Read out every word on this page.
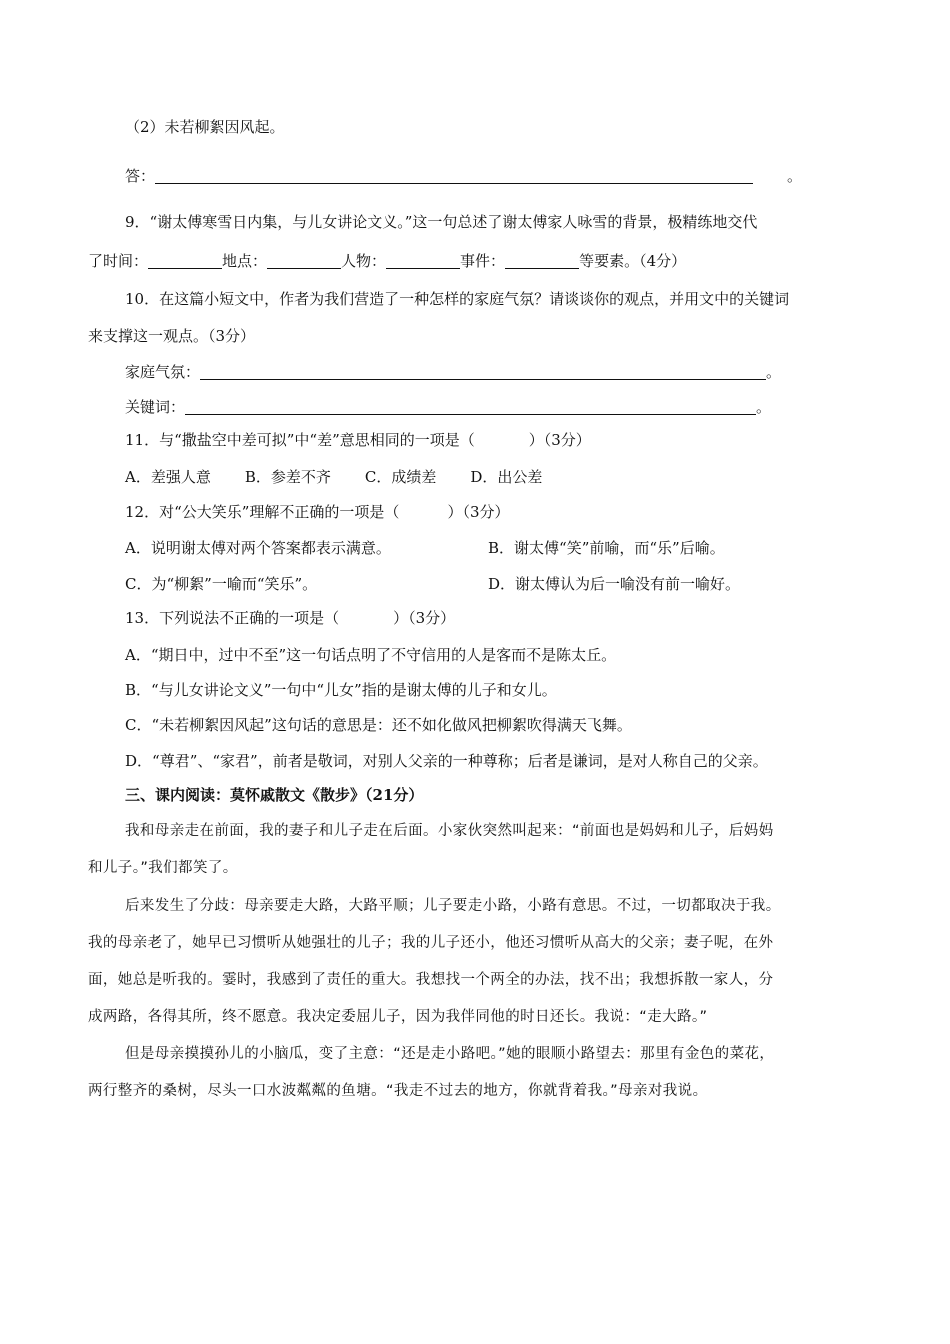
（2）未若柳絮因风起。
答：	。
9．“谢太傅寒雪日内集，与儿女讲论文义。”这一句总述了谢太傅家人咏雪的背景，极精练地交代
了时间：	地点：	人物：	事件：	等要素。（4分）
10．在这篇小短文中，作者为我们营造了一种怎样的家庭气氛？请谈谈你的观点，并用文中的关键词
来支撑这一观点。（3分）
家庭气氛：	。
关键词：	。
11．与“撒盐空中差可拟”中“差”意思相同的一项是（	）（3分）
A．差强人意 B．参差不齐 C．成绩差 D．出公差
12．对“公大笑乐”理解不正确的一项是（	）（3分）
A．说明谢太傅对两个答案都表示满意。	B．谢太傅“笑”前喻，而“乐”后喻。
C．为“柳絮”一喻而“笑乐”。	D．谢太傅认为后一喻没有前一喻好。
13．下列说法不正确的一项是（	）（3分）
A．“期日中，过中不至”这一句话点明了不守信用的人是客而不是陈太丘。
B．“与儿女讲论文义”一句中“儿女”指的是谢太傅的儿子和女儿。
C．“未若柳絮因风起”这句话的意思是：还不如化做风把柳絮吹得满天飞舞。
D．“尊君”、“家君”，前者是敬词，对别人父亲的一种尊称；后者是谦词，是对人称自己的父亲。
三、课内阅读：莫怀戚散文《散步》（21分）
我和母亲走在前面，我的妻子和儿子走在后面。小家伙突然叫起来：“前面也是妈妈和儿子，后妈妈
和儿子。”我们都笑了。
后来发生了分歧：母亲要走大路，大路平顺；儿子要走小路，小路有意思。不过，一切都取决于我。
我的母亲老了，她早已习惯听从她强壮的儿子；我的儿子还小，他还习惯听从高大的父亲；妻子呢，在外
面，她总是听我的。霎时，我感到了责任的重大。我想找一个两全的办法，找不出；我想拆散一家人，分
成两路，各得其所，终不愿意。我决定委屈儿子，因为我伴同他的时日还长。我说：“走大路。”
但是母亲摸摸孙儿的小脑瓜，变了主意：“还是走小路吧。”她的眼顺小路望去：那里有金色的菜花，
两行整齐的桑树，尽头一口水波粼粼的鱼塘。“我走不过去的地方，你就背着我。”母亲对我说。
